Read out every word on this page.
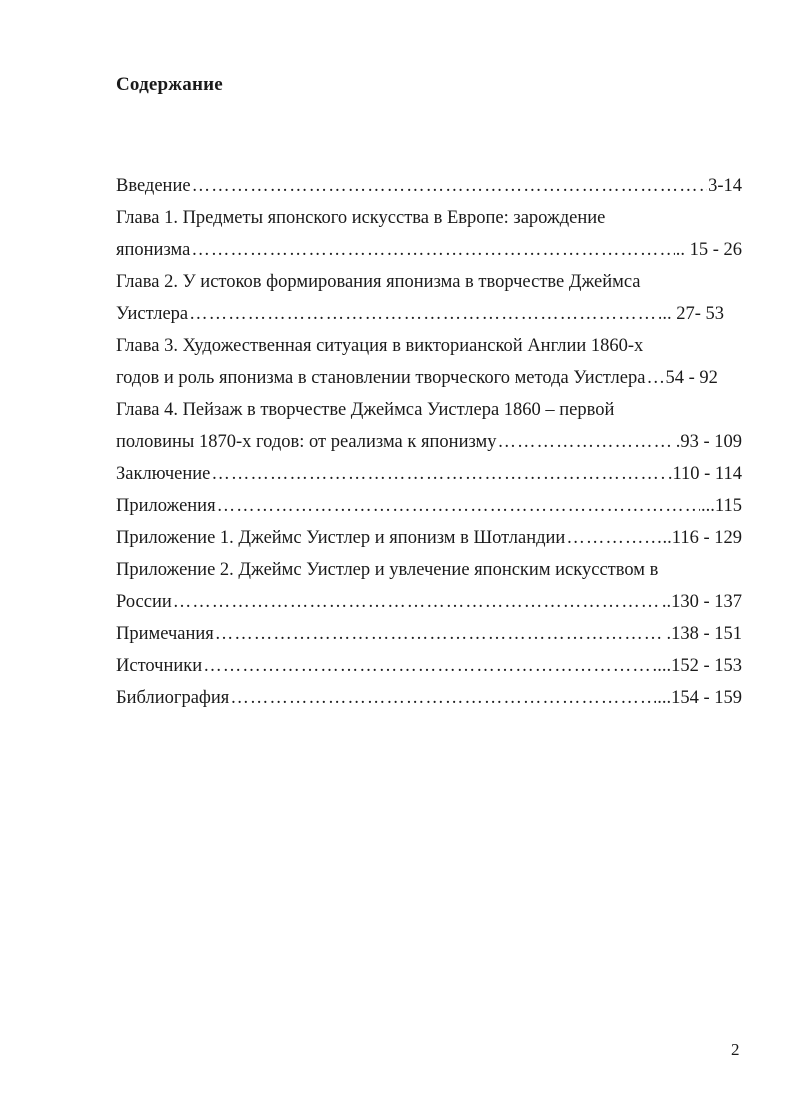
Содержание
Введение ………………………………………………………………………………………………………………………………………………………………………………………	3-14
Глава 1. Предметы японского искусства в Европе: зарождение
японизма ………………………………………………………………………………………………………………………………………………………………………………………	.. 15 - 26
Глава 2. У истоков формирования японизма в творчестве Джеймса
Уистлера ………………………………………………………………………………………………………………………………………………………………………………………	.. 27- 53
Глава 3. Художественная ситуация в викторианской Англии 1860-х
годов и роль японизма в становлении творческого метода Уистлера ……………………………………………………………………………………………………………………………………………………………………………………… 54 - 92
Глава 4. Пейзаж в творчестве Джеймса Уистлера 1860 – первой
половины 1870-х годов: от реализма к японизму ………………………………………………………………………………………………………………………………………………………………………………………	.93 - 109
Заключение ………………………………………………………………………………………………………………………………………………………………………………………	.110 - 114
Приложения ………………………………………………………………………………………………………………………………………………………………………………………	...115
Приложение 1. Джеймс Уистлер и японизм в Шотландии ………………………………………………………………………………………………………………………………………………………………………………………	…..116 - 129
Приложение 2. Джеймс Уистлер и увлечение японским искусством в
России ………………………………………………………………………………………………………………………………………………………………………………………	..130 - 137
Примечания ………………………………………………………………………………………………………………………………………………………………………………………	.138 - 151
Источники ………………………………………………………………………………………………………………………………………………………………………………………	...152 - 153
Библиография ………………………………………………………………………………………………………………………………………………………………………………………	...154 - 159
2
